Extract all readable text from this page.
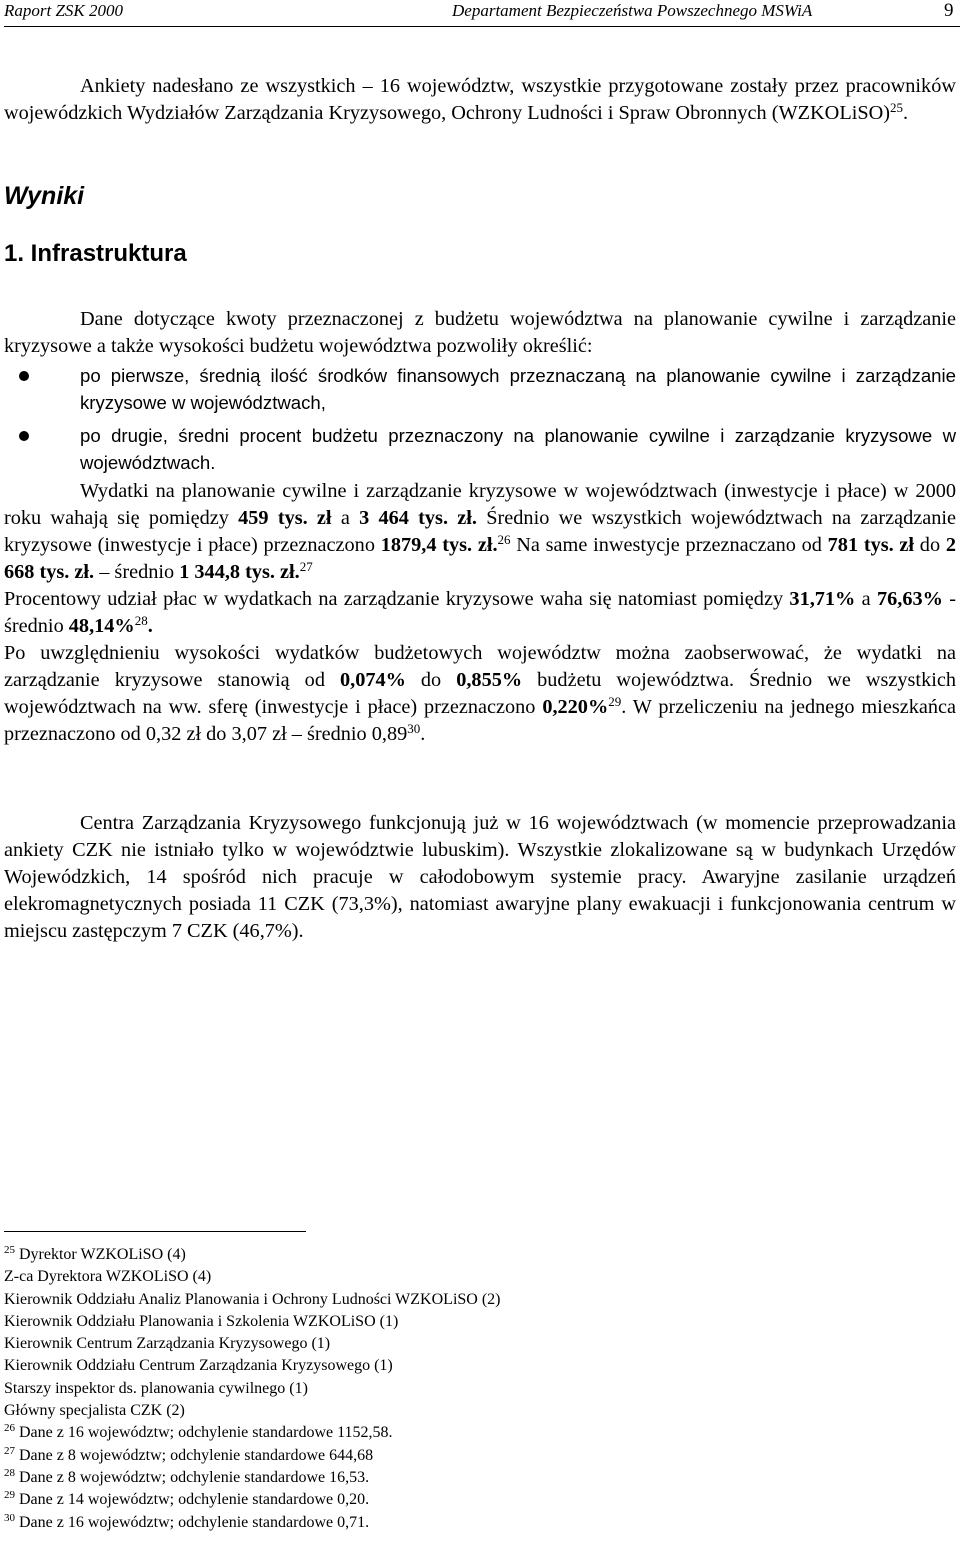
Raport ZSK 2000	Departament Bezpieczeństwa Powszechnego MSWiA	9

Ankiety nadesłano ze wszystkich – 16 województw, wszystkie przygotowane zostały przez pracowników wojewódzkich Wydziałów Zarządzania Kryzysowego, Ochrony Ludności i Spraw Obronnych (WZKOLiSO)$^{25}$.

Wyniki
1. Infrastruktura

Dane dotyczące kwoty przeznaczonej z budżetu województwa na planowanie cywilne i zarządzanie kryzysowe a także wysokości budżetu województwa pozwoliły określić:

po pierwsze, średnią ilość środków finansowych przeznaczaną na planowanie cywilne i zarządzanie kryzysowe w województwach,
po drugie, średni procent budżetu przeznaczony na planowanie cywilne i zarządzanie kryzysowe w województwach.

Wydatki na planowanie cywilne i zarządzanie kryzysowe w województwach (inwestycje i płace) w 2000 roku wahają się pomiędzy 459 tys. zł a 3 464 tys. zł. Średnio we wszystkich województwach na zarządzanie kryzysowe (inwestycje i płace) przeznaczono 1879,4 tys. zł.$^{26}$ Na same inwestycje przeznaczano od 781 tys. zł do 2 668 tys. zł. – średnio 1 344,8 tys. zł.$^{27}$

Procentowy udział płac w wydatkach na zarządzanie kryzysowe waha się natomiast pomiędzy 31,71% a 76,63% - średnio 48,14%$^{28}$.

Po uwzględnieniu wysokości wydatków budżetowych województw można zaobserwować, że wydatki na zarządzanie kryzysowe stanowią od 0,074% do 0,855% budżetu województwa. Średnio we wszystkich województwach na ww. sferę (inwestycje i płace) przeznaczono 0,220%$^{29}$. W przeliczeniu na jednego mieszkańca przeznaczono od 0,32 zł do 3,07 zł – średnio 0,89$^{30}$.

Centra Zarządzania Kryzysowego funkcjonują już w 16 województwach (w momencie przeprowadzania ankiety CZK nie istniało tylko w województwie lubuskim). Wszystkie zlokalizowane są w budynkach Urzędów Wojewódzkich, 14 spośród nich pracuje w całodobowym systemie pracy. Awaryjne zasilanie urządzeń elekromagnetycznych posiada 11 CZK (73,3%), natomiast awaryjne plany ewakuacji i funkcjonowania centrum w miejscu zastępczym 7 CZK (46,7%).

$^{25}$ Dyrektor WZKOLiSO (4)
Z-ca Dyrektora WZKOLiSO (4)
Kierownik Oddziału Analiz Planowania i Ochrony Ludności WZKOLiSO (2)
Kierownik Oddziału Planowania i Szkolenia WZKOLiSO (1)
Kierownik Centrum Zarządzania Kryzysowego (1)
Kierownik Oddziału Centrum Zarządzania Kryzysowego (1)
Starszy inspektor ds. planowania cywilnego (1)
Główny specjalista CZK (2)
$^{26}$ Dane z 16 województw; odchylenie standardowe 1152,58.
$^{27}$ Dane z 8 województw; odchylenie standardowe 644,68
$^{28}$ Dane z 8 województw; odchylenie standardowe 16,53.
$^{29}$ Dane z 14 województw; odchylenie standardowe 0,20.
$^{30}$ Dane z 16 województw; odchylenie standardowe 0,71.
